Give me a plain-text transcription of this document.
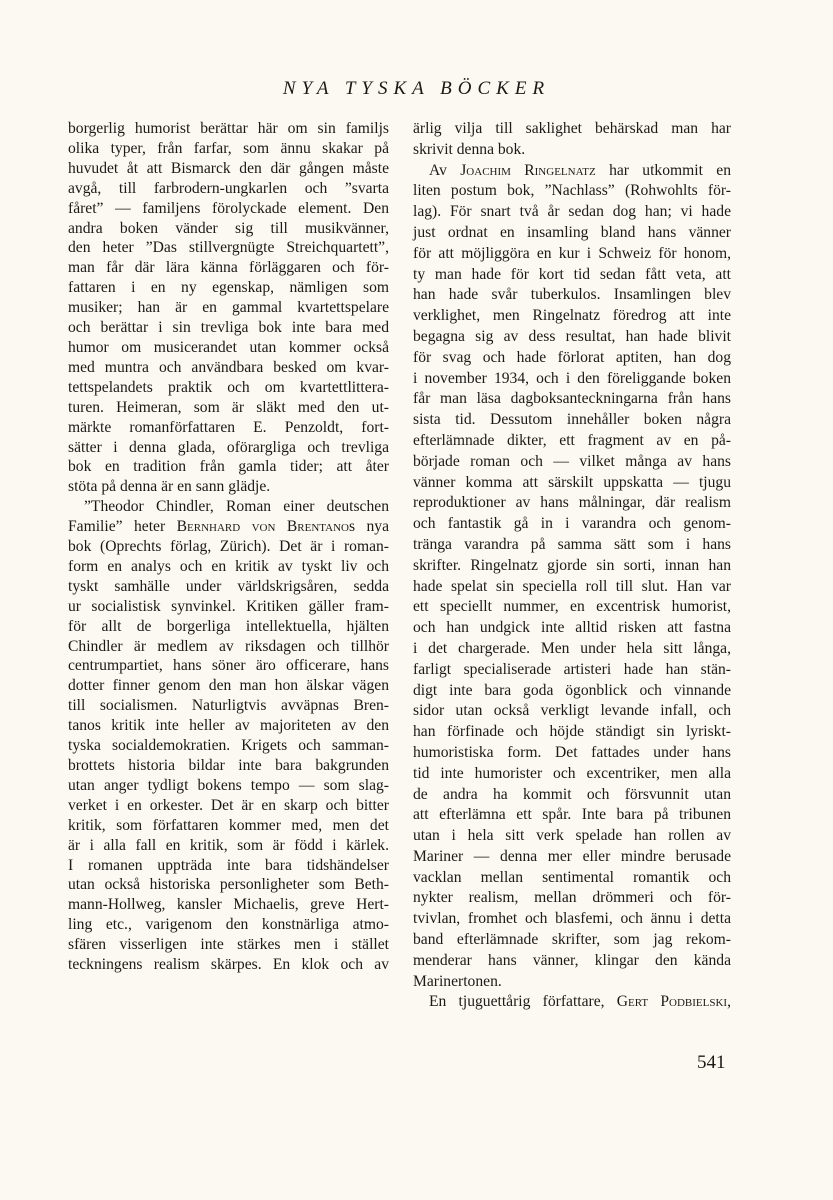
NYA TYSKA BÖCKER
borgerlig humorist berättar här om sin familjs
olika typer, från farfar, som ännu skakar på
huvudet åt att Bismarck den där gången måste
avgå, till farbrodern-ungkarlen och ”svarta
fåret” — familjens förolyckade element. Den
andra boken vänder sig till musikvänner,
den heter ”Das stillvergnügte Streichquartett”,
man får där lära känna förläggaren och för-
fattaren i en ny egenskap, nämligen som
musiker; han är en gammal kvartettspelare
och berättar i sin trevliga bok inte bara med
humor om musicerandet utan kommer också
med muntra och användbara besked om kvar-
tettspelandets praktik och om kvartettlittera-
turen. Heimeran, som är släkt med den ut-
märkte romanförfattaren E. Penzoldt, fort-
sätter i denna glada, oförargliga och trevliga
bok en tradition från gamla tider; att åter
stöta på denna är en sann glädje.
”Theodor Chindler, Roman einer deutschen
Familie” heter Bernhard von Brentanos nya
bok (Oprechts förlag, Zürich). Det är i roman-
form en analys och en kritik av tyskt liv och
tyskt samhälle under världskrigsåren, sedda
ur socialistisk synvinkel. Kritiken gäller fram-
för allt de borgerliga intellektuella, hjälten
Chindler är medlem av riksdagen och tillhör
centrumpartiet, hans söner äro officerare, hans
dotter finner genom den man hon älskar vägen
till socialismen. Naturligtvis avväpnas Bren-
tanos kritik inte heller av majoriteten av den
tyska socialdemokratien. Krigets och samman-
brottets historia bildar inte bara bakgrunden
utan anger tydligt bokens tempo — som slag-
verket i en orkester. Det är en skarp och bitter
kritik, som författaren kommer med, men det
är i alla fall en kritik, som är född i kärlek.
I romanen uppträda inte bara tidshändelser
utan också historiska personligheter som Beth-
mann-Hollweg, kansler Michaelis, greve Hert-
ling etc., varigenom den konstnärliga atmo-
sfären visserligen inte stärkes men i stället
teckningens realism skärpes. En klok och av
ärlig vilja till saklighet behärskad man har
skrivit denna bok.
Av Joachim Ringelnatz har utkommit en
liten postum bok, ”Nachlass” (Rohwohlts för-
lag). För snart två år sedan dog han; vi hade
just ordnat en insamling bland hans vänner
för att möjliggöra en kur i Schweiz för honom,
ty man hade för kort tid sedan fått veta, att
han hade svår tuberkulos. Insamlingen blev
verklighet, men Ringelnatz föredrog att inte
begagna sig av dess resultat, han hade blivit
för svag och hade förlorat aptiten, han dog
i november 1934, och i den föreliggande boken
får man läsa dagboksanteckningarna från hans
sista tid. Dessutom innehåller boken några
efterlämnade dikter, ett fragment av en på-
började roman och — vilket många av hans
vänner komma att särskilt uppskatta — tjugu
reproduktioner av hans målningar, där realism
och fantastik gå in i varandra och genom-
tränga varandra på samma sätt som i hans
skrifter. Ringelnatz gjorde sin sorti, innan han
hade spelat sin speciella roll till slut. Han var
ett speciellt nummer, en excentrisk humorist,
och han undgick inte alltid risken att fastna
i det chargerade. Men under hela sitt långa,
farligt specialiserade artisteri hade han stän-
digt inte bara goda ögonblick och vinnande
sidor utan också verkligt levande infall, och
han förfinade och höjde ständigt sin lyriskt-
humoristiska form. Det fattades under hans
tid inte humorister och excentriker, men alla
de andra ha kommit och försvunnit utan
att efterlämna ett spår. Inte bara på tribunen
utan i hela sitt verk spelade han rollen av
Mariner — denna mer eller mindre berusade
vacklan mellan sentimental romantik och
nykter realism, mellan drömmeri och för-
tvivlan, fromhet och blasfemi, och ännu i detta
band efterlämnade skrifter, som jag rekom-
menderar hans vänner, klingar den kända
Marinertonen.
En tjuguettårig författare, Gert Podbielski,
541
